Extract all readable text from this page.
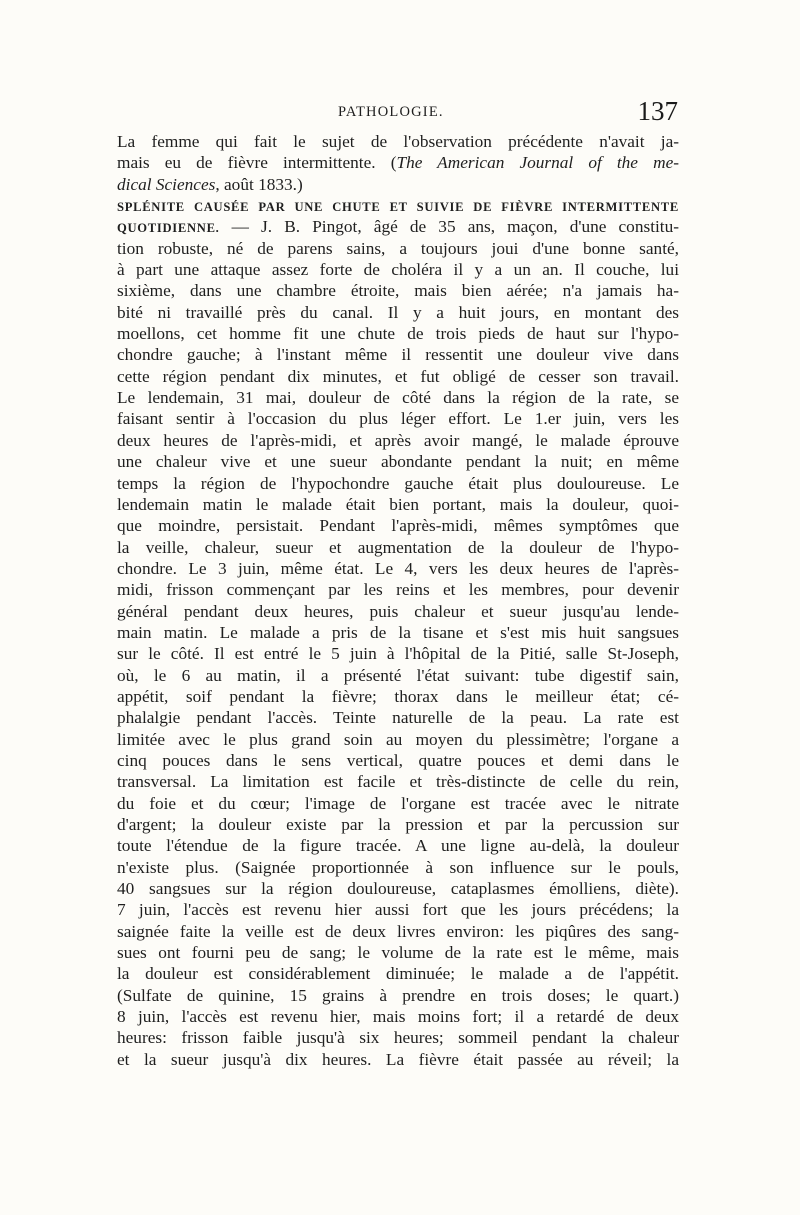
PATHOLOGIE.	137
La femme qui fait le sujet de l'observation précédente n'avait ja-
mais eu de fièvre intermittente. (The American Journal of the me-
dical Sciences, août 1833.)
SPLÉNITE CAUSÉE PAR UNE CHUTE ET SUIVIE DE FIÈVRE INTERMITTENTE
QUOTIDIENNE. — J. B. Pingot, âgé de 35 ans, maçon, d'une constitu-
tion robuste, né de parens sains, a toujours joui d'une bonne santé,
à part une attaque assez forte de choléra il y a un an. Il couche, lui
sixième, dans une chambre étroite, mais bien aérée; n'a jamais ha-
bité ni travaillé près du canal. Il y a huit jours, en montant des
moellons, cet homme fit une chute de trois pieds de haut sur l'hypo-
chondre gauche; à l'instant même il ressentit une douleur vive dans
cette région pendant dix minutes, et fut obligé de cesser son travail.
Le lendemain, 31 mai, douleur de côté dans la région de la rate, se
faisant sentir à l'occasion du plus léger effort. Le 1.er juin, vers les
deux heures de l'après-midi, et après avoir mangé, le malade éprouve
une chaleur vive et une sueur abondante pendant la nuit; en même
temps la région de l'hypochondre gauche était plus douloureuse. Le
lendemain matin le malade était bien portant, mais la douleur, quoi-
que moindre, persistait. Pendant l'après-midi, mêmes symptômes que
la veille, chaleur, sueur et augmentation de la douleur de l'hypo-
chondre. Le 3 juin, même état. Le 4, vers les deux heures de l'après-
midi, frisson commençant par les reins et les membres, pour devenir
général pendant deux heures, puis chaleur et sueur jusqu'au lende-
main matin. Le malade a pris de la tisane et s'est mis huit sangsues
sur le côté. Il est entré le 5 juin à l'hôpital de la Pitié, salle St-Joseph,
où, le 6 au matin, il a présenté l'état suivant: tube digestif sain,
appétit, soif pendant la fièvre; thorax dans le meilleur état; cé-
phalalgie pendant l'accès. Teinte naturelle de la peau. La rate est
limitée avec le plus grand soin au moyen du plessimètre; l'organe a
cinq pouces dans le sens vertical, quatre pouces et demi dans le
transversal. La limitation est facile et très-distincte de celle du rein,
du foie et du cœur; l'image de l'organe est tracée avec le nitrate
d'argent; la douleur existe par la pression et par la percussion sur
toute l'étendue de la figure tracée. A une ligne au-delà, la douleur
n'existe plus. (Saignée proportionnée à son influence sur le pouls,
40 sangsues sur la région douloureuse, cataplasmes émolliens, diète).
7 juin, l'accès est revenu hier aussi fort que les jours précédens; la
saignée faite la veille est de deux livres environ: les piqûres des sang-
sues ont fourni peu de sang; le volume de la rate est le même, mais
la douleur est considérablement diminuée; le malade a de l'appétit.
(Sulfate de quinine, 15 grains à prendre en trois doses; le quart.)
8 juin, l'accès est revenu hier, mais moins fort; il a retardé de deux
heures: frisson faible jusqu'à six heures; sommeil pendant la chaleur
et la sueur jusqu'à dix heures. La fièvre était passée au réveil; la
